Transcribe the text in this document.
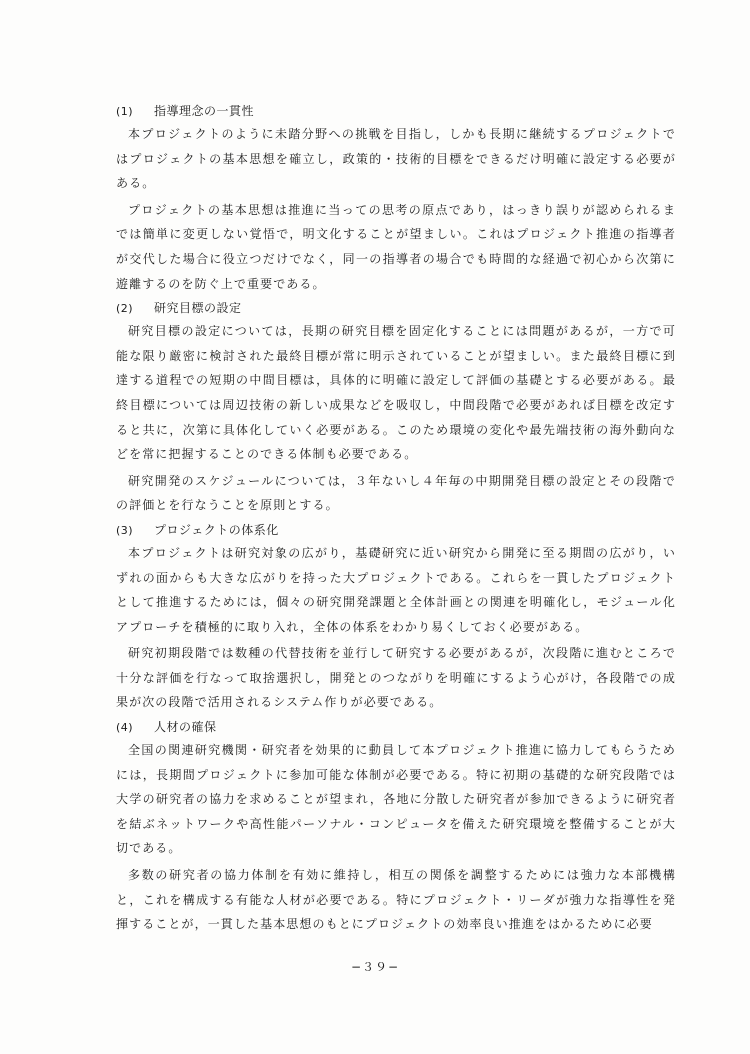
(1) 指導理念の一貫性

本プロジェクトのように未踏分野への挑戦を目指し，しかも長期に継続するプロジェクトではプロジェクトの基本思想を確立し，政策的・技術的目標をできるだけ明確に設定する必要がある。

プロジェクトの基本思想は推進に当っての思考の原点であり，はっきり誤りが認められるまでは簡単に変更しない覚悟で，明文化することが望ましい。これはプロジェクト推進の指導者が交代した場合に役立つだけでなく，同一の指導者の場合でも時間的な経過で初心から次第に遊離するのを防ぐ上で重要である。

(2) 研究目標の設定

研究目標の設定については，長期の研究目標を固定化することには問題があるが，一方で可能な限り厳密に検討された最終目標が常に明示されていることが望ましい。また最終目標に到達する道程での短期の中間目標は，具体的に明確に設定して評価の基礎とする必要がある。最終目標については周辺技術の新しい成果などを吸収し，中間段階で必要があれば目標を改定すると共に，次第に具体化していく必要がある。このため環境の変化や最先端技術の海外動向などを常に把握することのできる体制も必要である。

研究開発のスケジュールについては，３年ないし４年毎の中期開発目標の設定とその段階での評価とを行なうことを原則とする。

(3) プロジェクトの体系化

本プロジェクトは研究対象の広がり，基礎研究に近い研究から開発に至る期間の広がり，いずれの面からも大きな広がりを持った大プロジェクトである。これらを一貫したプロジェクトとして推進するためには，個々の研究開発課題と全体計画との関連を明確化し，モジュール化アプローチを積極的に取り入れ，全体の体系をわかり易くしておく必要がある。

研究初期段階では数種の代替技術を並行して研究する必要があるが，次段階に進むところで十分な評価を行なって取捨選択し，開発とのつながりを明確にするよう心がけ，各段階での成果が次の段階で活用されるシステム作りが必要である。

(4) 人材の確保

全国の関連研究機関・研究者を効果的に動員して本プロジェクト推進に協力してもらうためには，長期間プロジェクトに参加可能な体制が必要である。特に初期の基礎的な研究段階では大学の研究者の協力を求めることが望まれ，各地に分散した研究者が参加できるように研究者を結ぶネットワークや高性能パーソナル・コンピュータを備えた研究環境を整備することが大切である。

多数の研究者の協力体制を有効に維持し，相互の関係を調整するためには強力な本部機構と，これを構成する有能な人材が必要である。特にプロジェクト・リーダが強力な指導性を発揮することが，一貫した基本思想のもとにプロジェクトの効率良い推進をはかるために必要

−３９−
